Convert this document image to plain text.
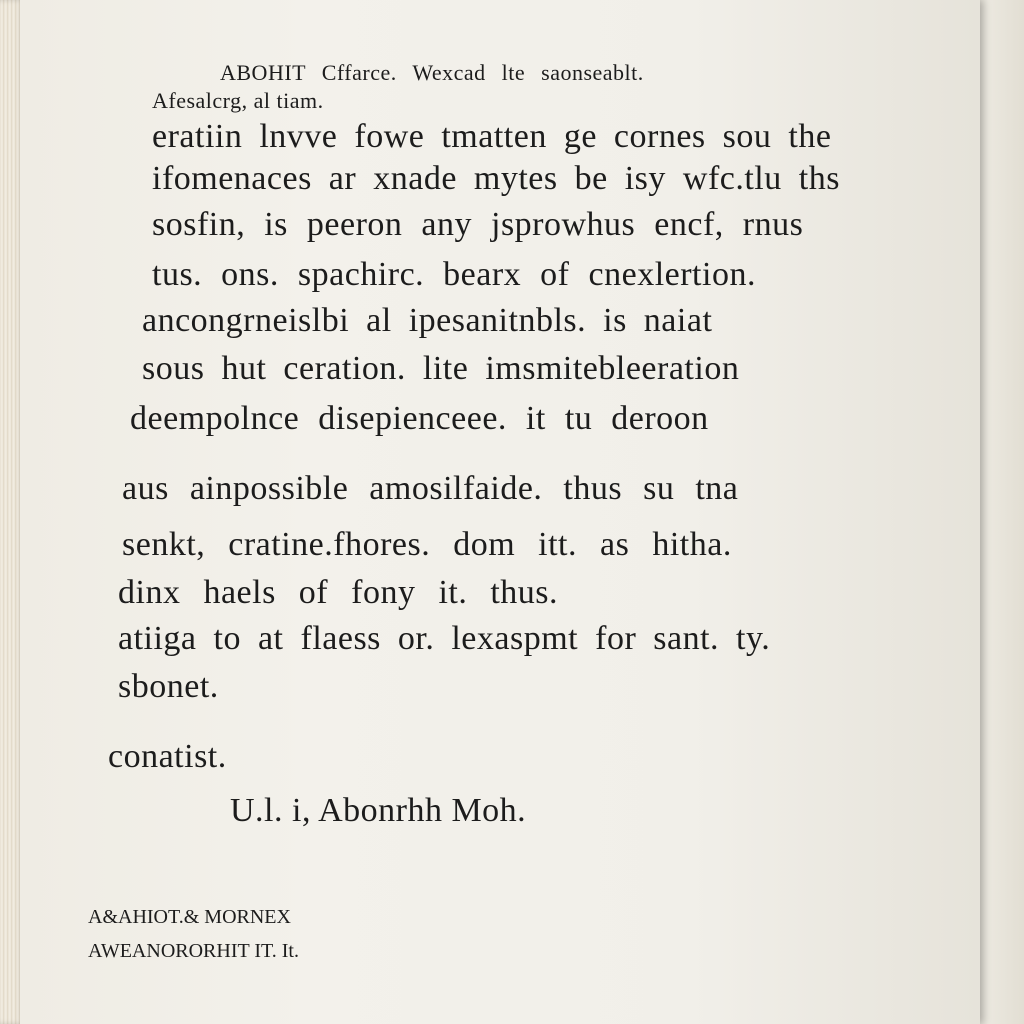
ABOHIT Cffarce. Wexcad lte saonseablt.
Afesalcrg, al tiam.
eratiin lnvve fowe tmatten ge cornes sou the
ifomenaces ar xnade mytes be isy wfc.tlu ths
sosfin, is peeron any jsprowhus encf, rnus
tus. ons. spachirc. bearx of cnexlertion.
ancongrneislbi al ipesanitnbls. is naiat
sous hut ceration. lite imsmitebleeration
deempolnce disepienceee. it tu deroon
aus ainpossible amosilfaide. thus su tna
senkt, cratine.fhores. dom itt. as hitha.
dinx haels of fony it. thus.
atiiga to at flaess or. lexaspmt for sant. ty.
sbonet.
conatist.
U.l. i, Abonrhh Moh.
A&AHIOT.& MORNEX
AWEANORORHIT IT. It.
